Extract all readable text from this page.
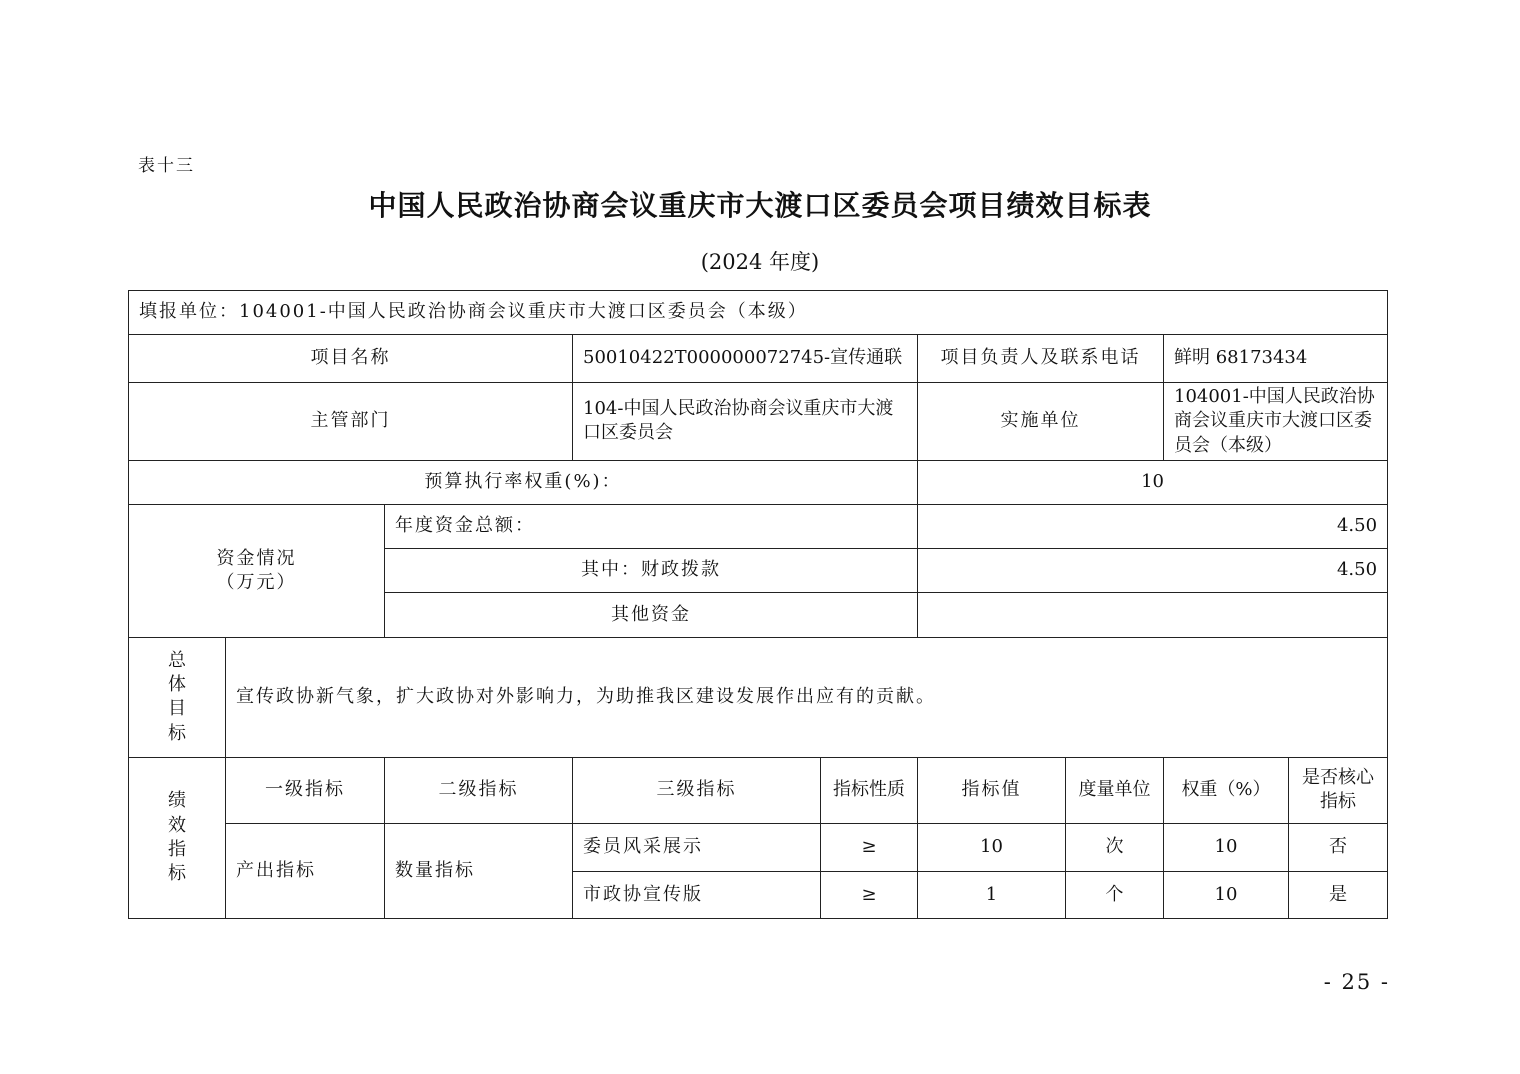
表十三
中国人民政治协商会议重庆市大渡口区委员会项目绩效目标表
(2024 年度)
填报单位：104001-中国人民政治协商会议重庆市大渡口区委员会（本级）								
项目名称			50010422T000000072745-宣传通联		项目负责人及联系电话		鲜明 68173434	
主管部门			104-中国人民政治协商会议重庆市大渡口区委员会		实施单位		104001-中国人民政治协商会议重庆市大渡口区委员会（本级）	
预算执行率权重(%)：					10			

资金情况
（万元）		年度资金总额：			4.50			
		其中：财政拨款			4.50			
		其他资金						

总
体
目
标	宣传政协新气象，扩大政协对外影响力，为助推我区建设发展作出应有的贡献。							

绩
效
指
标	一级指标	二级指标	三级指标	指标性质	指标值	度量单位	权重（%）	是否核心指标
	产出指标	数量指标	委员风采展示	≥	10	次	10	否
			市政协宣传版	≥	1	个	10	是
- 25 -
